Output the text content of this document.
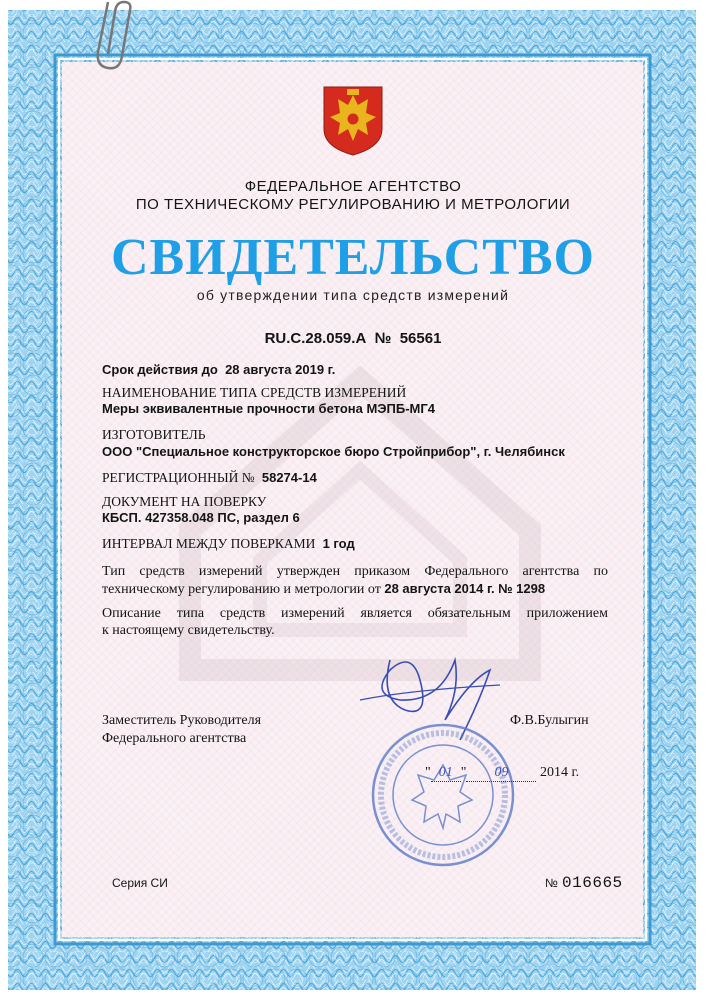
ФЕДЕРАЛЬНОЕ АГЕНТСТВО
ПО ТЕХНИЧЕСКОМУ РЕГУЛИРОВАНИЮ И МЕТРОЛОГИИ
СВИДЕТЕЛЬСТВО
об утверждении типа средств измерений
RU.C.28.059.A № 56561
Срок действия до 28 августа 2019 г.
НАИМЕНОВАНИЕ ТИПА СРЕДСТВ ИЗМЕРЕНИЙ
Меры эквивалентные прочности бетона МЭПБ-МГ4
ИЗГОТОВИТЕЛЬ
ООО "Специальное конструкторское бюро Стройприбор", г. Челябинск
РЕГИСТРАЦИОННЫЙ № 58274-14
ДОКУМЕНТ НА ПОВЕРКУ
КБСП. 427358.048 ПС, раздел 6
ИНТЕРВАЛ МЕЖДУ ПОВЕРКАМИ 1 год
Тип средств измерений утвержден приказом Федерального агентства по
техническому регулированию и метрологии от 28 августа 2014 г. № 1298
Описание типа средств измерений является обязательным приложением
к настоящему свидетельству.
Заместитель Руководителя
Федерального агентства
Ф.В.Булыгин
" 01 " 09 2014 г.
Серия СИ	№ 016665
